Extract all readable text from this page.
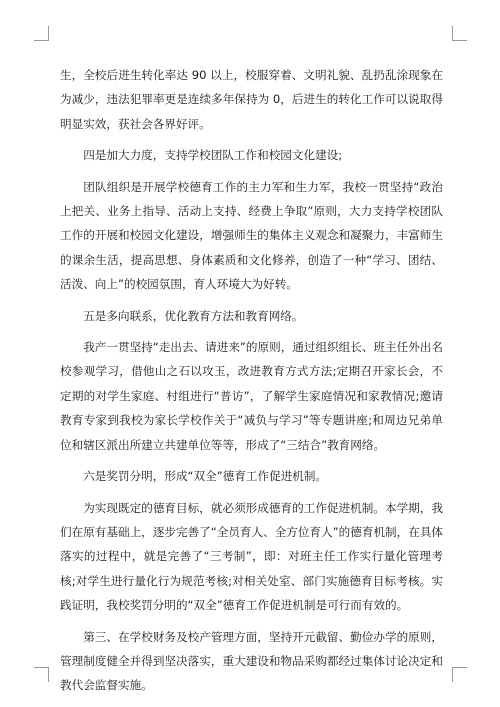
生，全校后进生转化率达 90 以上，校服穿着、文明礼貌、乱扔乱涂现象在为减少，违法犯罪率更是连续多年保持为 0，后进生的转化工作可以说取得明显实效，获社会各界好评。

四是加大力度，支持学校团队工作和校园文化建设;

团队组织是开展学校德育工作的主力军和生力军，我校一贯坚持“政治上把关、业务上指导、活动上支持、经费上争取”原则，大力支持学校团队工作的开展和校园文化建设，增强师生的集体主义观念和凝聚力，丰富师生的课余生活，提高思想、身体素质和文化修养，创造了一种“学习、团结、活泼、向上”的校园氛围，育人环境大为好转。

五是多向联系，优化教育方法和教育网络。

我产一贯坚持“走出去、请进来”的原则，通过组织组长、班主任外出名校参观学习，借他山之石以攻玉，改进教育方式方法;定期召开家长会，不定期的对学生家庭、村组进行“普访”，了解学生家庭情况和家教情况;邀请教育专家到我校为家长学校作关于“减负与学习”等专题讲座;和周边兄弟单位和辖区派出所建立共建单位等等，形成了“三结合”教育网络。

六是奖罚分明，形成“双全”德育工作促进机制。

为实现既定的德育目标，就必须形成德育的工作促进机制。本学期，我们在原有基础上，逐步完善了“全员育人、全方位育人”的德育机制，在具体落实的过程中，就是完善了“三考制”，即：对班主任工作实行量化管理考核;对学生进行量化行为规范考核;对相关处室、部门实施德育目标考核。实践证明，我校奖罚分明的“双全”德育工作促进机制是可行而有效的。

第三、在学校财务及校产管理方面，坚持开元截留、勤俭办学的原则，管理制度健全并得到坚决落实，重大建设和物品采购都经过集体讨论决定和教代会监督实施。
